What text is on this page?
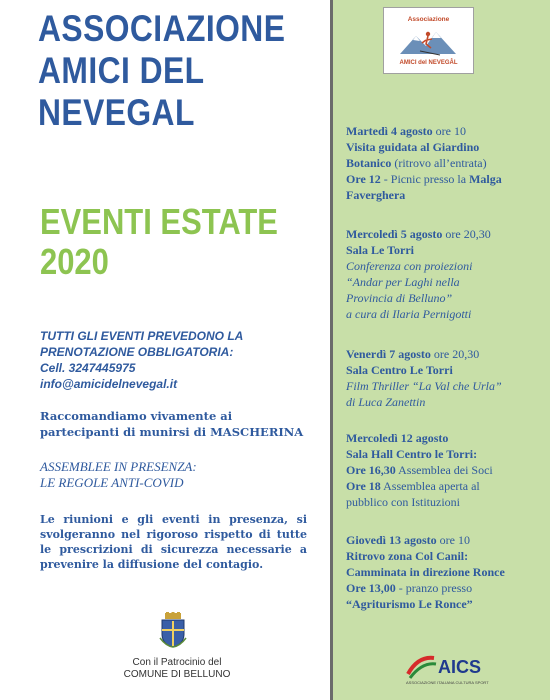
ASSOCIAZIONE
AMICI DEL
NEVEGAL
EVENTI ESTATE
2020
TUTTI GLI EVENTI PREVEDONO LA
PRENOTAZIONE OBBLIGATORIA:
Cell. 3247445975
info@amicidelnevegal.it
Raccomandiamo vivamente ai
partecipanti di munirsi di MASCHERINA
ASSEMBLEE IN PRESENZA:
LE REGOLE ANTI-COVID

Le riunioni e gli eventi in presenza, si svolgeranno nel rigoroso rispetto di tutte le prescrizioni di sicurezza necessarie a prevenire la diffusione del contagio.

Con il Patrocinio del
COMUNE DI BELLUNO
Associazione
AMICI del NEVEGÂL
Martedì 4 agosto ore 10
Visita guidata al Giardino
Botanico (ritrovo all’entrata)
Ore 12 - Picnic presso la Malga
Faverghera
Mercoledì 5 agosto ore 20,30
Sala Le Torri
Conferenza con proiezioni
“Andar per Laghi nella
Provincia di Belluno”
a cura di Ilaria Pernigotti
Venerdì 7 agosto ore 20,30
Sala Centro Le Torri
Film Thriller “La Val che Urla”
di Luca Zanettin
Mercoledì 12 agosto
Sala Hall Centro le Torri:
Ore 16,30 Assemblea dei Soci
Ore 18 Assemblea aperta al
pubblico con Istituzioni
Giovedì 13 agosto ore 10
Ritrovo zona Col Canil:
Camminata in direzione Ronce
Ore 13,00 - pranzo presso
“Agriturismo Le Ronce”
AICS
ASSOCIAZIONE ITALIANA CULTURA SPORT
